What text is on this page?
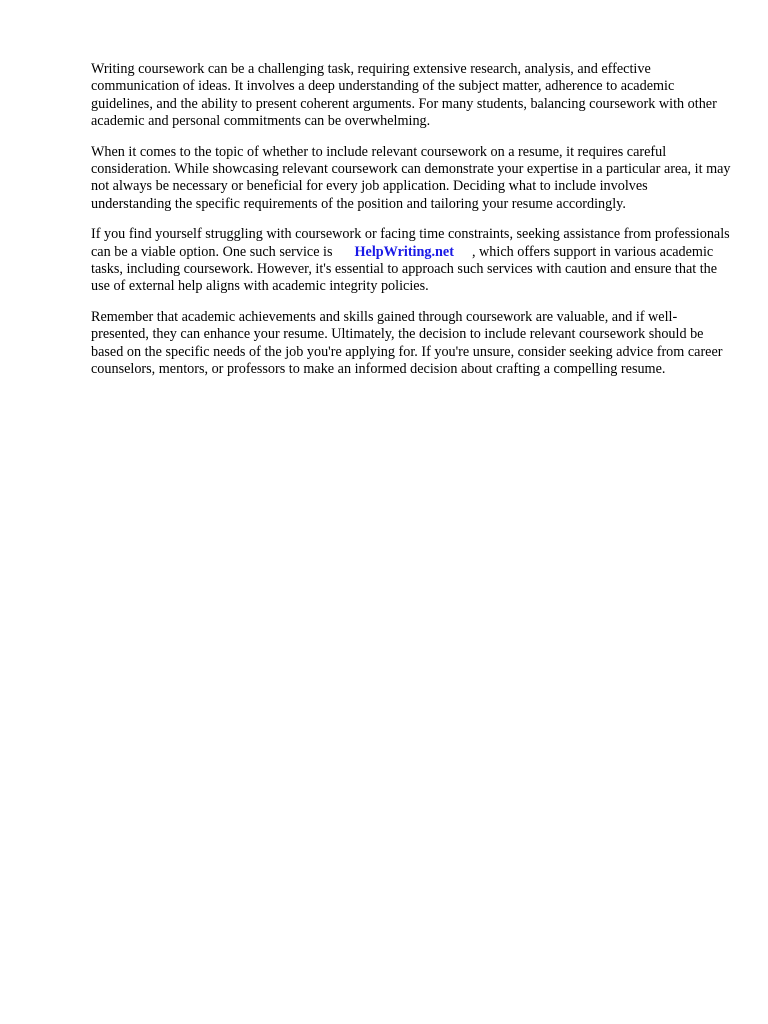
Writing coursework can be a challenging task, requiring extensive research, analysis, and effective communication of ideas. It involves a deep understanding of the subject matter, adherence to academic guidelines, and the ability to present coherent arguments. For many students, balancing coursework with other academic and personal commitments can be overwhelming.

When it comes to the topic of whether to include relevant coursework on a resume, it requires careful consideration. While showcasing relevant coursework can demonstrate your expertise in a particular area, it may not always be necessary or beneficial for every job application. Deciding what to include involves understanding the specific requirements of the position and tailoring your resume accordingly.

If you find yourself struggling with coursework or facing time constraints, seeking assistance from professionals can be a viable option. One such service is HelpWriting.net , which offers support in various academic tasks, including coursework. However, it's essential to approach such services with caution and ensure that the use of external help aligns with academic integrity policies.

Remember that academic achievements and skills gained through coursework are valuable, and if well-presented, they can enhance your resume. Ultimately, the decision to include relevant coursework should be based on the specific needs of the job you're applying for. If you're unsure, consider seeking advice from career counselors, mentors, or professors to make an informed decision about crafting a compelling resume.
